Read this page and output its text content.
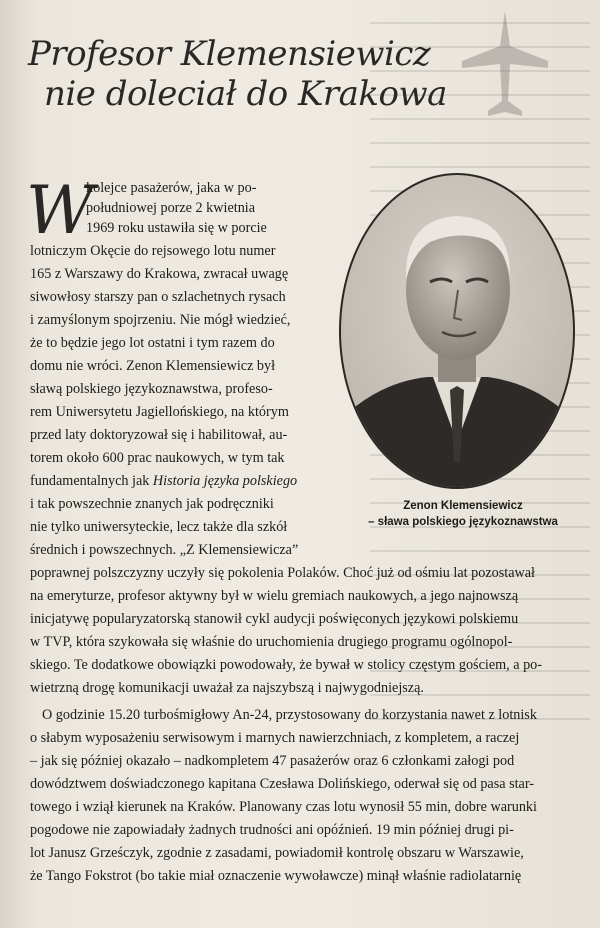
Profesor Klemensiewicz
nie doleciał do Krakowa
W
kolejce pasażerów, jaka w po-
południowej porze 2 kwietnia
1969 roku ustawiła się w porcie
lotniczym Okęcie do rejsowego lotu numer
165 z Warszawy do Krakowa, zwracał uwagę
siwowłosy starszy pan o szlachetnych rysach
i zamyślonym spojrzeniu. Nie mógł wiedzieć,
że to będzie jego lot ostatni i tym razem do
domu nie wróci. Zenon Klemensiewicz był
sławą polskiego językoznawstwa, profeso-
rem Uniwersytetu Jagiellońskiego, na którym
przed laty doktoryzował się i habilitował, au-
torem około 600 prac naukowych, w tym tak
fundamentalnych jak Historia języka polskiego
i tak powszechnie znanych jak podręczniki
nie tylko uniwersyteckie, lecz także dla szkół
średnich i powszechnych. „Z Klemensiewicza”
poprawnej polszczyzny uczyły się pokolenia Polaków. Choć już od ośmiu lat pozostawał
na emeryturze, profesor aktywny był w wielu gremiach naukowych, a jego najnowszą
inicjatywę popularyzatorską stanowił cykl audycji poświęconych językowi polskiemu
w TVP, która szykowała się właśnie do uruchomienia drugiego programu ogólnopol-
skiego. Te dodatkowe obowiązki powodowały, że bywał w stolicy częstym gościem, a po-
wietrzną drogę komunikacji uważał za najszybszą i najwygodniejszą.
O godzinie 15.20 turbośmigłowy An-24, przystosowany do korzystania nawet z lotnisk
o słabym wyposażeniu serwisowym i marnych nawierzchniach, z kompletem, a raczej
– jak się później okazało – nadkompletem 47 pasażerów oraz 6 członkami załogi pod
dowództwem doświadczonego kapitana Czesława Dolińskiego, oderwał się od pasa star-
towego i wziął kierunek na Kraków. Planowany czas lotu wynosił 55 min, dobre warunki
pogodowe nie zapowiadały żadnych trudności ani opóźnień. 19 min później drugi pi-
lot Janusz Grześczyk, zgodnie z zasadami, powiadomił kontrolę obszaru w Warszawie,
że Tango Fokstrot (bo takie miał oznaczenie wywoławcze) minął właśnie radiolatarnię
Zenon Klemensiewicz
– sława polskiego językoznawstwa
